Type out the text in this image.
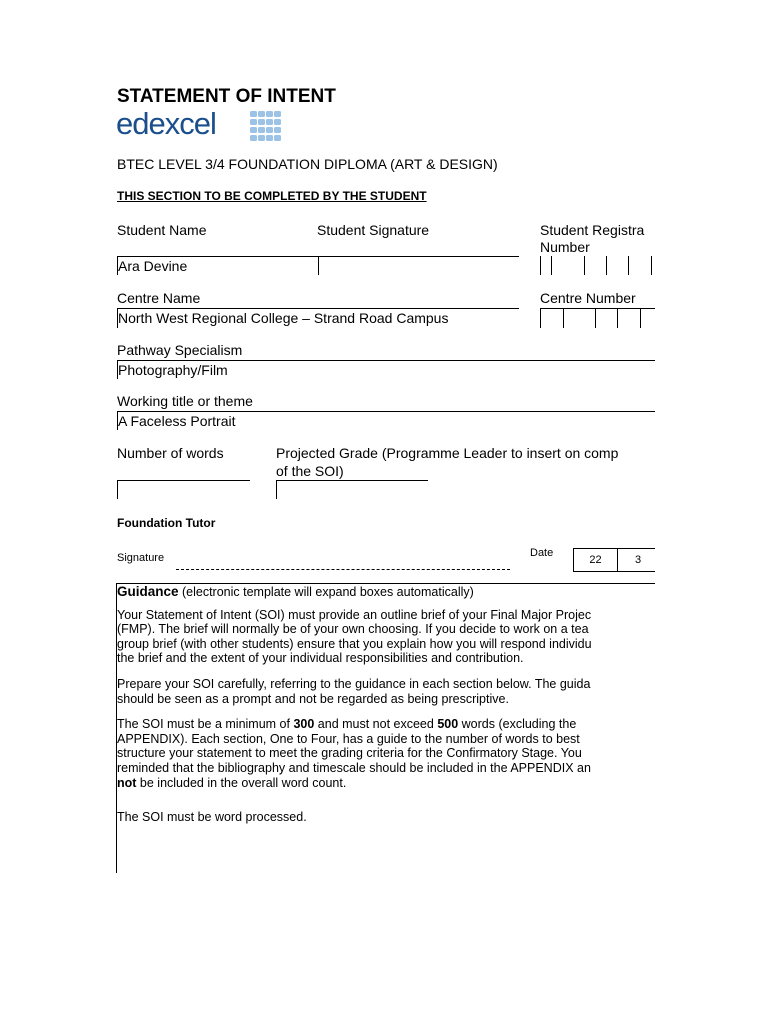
STATEMENT OF INTENT
edexcel
BTEC LEVEL 3/4 FOUNDATION DIPLOMA (ART & DESIGN)
THIS SECTION TO BE COMPLETED BY THE STUDENT
Student Name	Student Signature	Student Registra
Number
Ara Devine
Centre Name	Centre Number
North West Regional College – Strand Road Campus
Pathway Specialism
Photography/Film
Working title or theme
A Faceless Portrait
Number of words	Projected Grade (Programme Leader to insert on comp
of the SOI)
Foundation Tutor
Signature	Date
22	3

Guidance (electronic template will expand boxes automatically)

Your Statement of Intent (SOI) must provide an outline brief of your Final Major Projec
(FMP). The brief will normally be of your own choosing. If you decide to work on a tea
group brief (with other students) ensure that you explain how you will respond individu
the brief and the extent of your individual responsibilities and contribution.

Prepare your SOI carefully, referring to the guidance in each section below. The guida
should be seen as a prompt and not be regarded as being prescriptive.

The SOI must be a minimum of 300 and must not exceed 500 words (excluding the
APPENDIX). Each section, One to Four, has a guide to the number of words to best
structure your statement to meet the grading criteria for the Confirmatory Stage. You
reminded that the bibliography and timescale should be included in the APPENDIX an
not be included in the overall word count.

The SOI must be word processed.
